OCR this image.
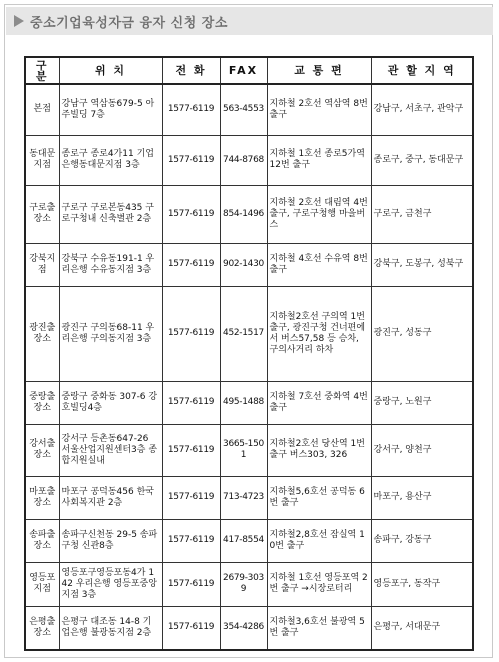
중소기업육성자금 융자 신청 장소
구 분	위 치	전 화	FAX	교 통 편	관 할 지 역
본점	강남구 역삼동679-5 아주빌딩 7층	1577-6119	563-4553	지하철 2호선 역삼역 8번 출구	강남구, 서초구, 관악구
동대문지점	종로구 종로4가11 기업은행동대문지점 3층	1577-6119	744-8768	지하철 1호선 종로5가역 12번 출구	종로구, 중구, 동대문구
구로출장소	구로구 구로본동435 구로구청내 신축별관 2층	1577-6119	854-1496	지하철 2호선 대림역 4번 출구, 구로구청행 마을버스	구로구, 금천구
강북지점	강북구 수유동191-1 우리은행 수유동지점 3층	1577-6119	902-1430	지하철 4호선 수유역 8번 출구	강북구, 도봉구, 성북구
광진출장소	광진구 구의동68-11 우리은행 구의동지점 3층	1577-6119	452-1517	지하철2호선 구의역 1번 출구, 광진구청 건너편에서 버스57,58 등 승차, 구의사거리 하차	광진구, 성동구
중랑출장소	중랑구 중화동 307-6 강호빌딩4층	1577-6119	495-1488	지하철 7호선 중화역 4번 출구	중랑구, 노원구
강서출장소	강서구 등촌동647-26 서울산업지원센터3층 종합지원실내	1577-6119	3665-1501	지하철2호선 당산역 1번 출구 버스303, 326	강서구, 양천구
마포출장소	마포구 공덕동456 한국사회복지관 2층	1577-6119	713-4723	지하철5,6호선 공덕동 6번 출구	마포구, 용산구
송파출장소	송파구신천동 29-5 송파구청 신관8층	1577-6119	417-8554	지하철2,8호선 잠실역 10번 출구	송파구, 강동구
영등포지점	영등포구영등포동4가 142 우리은행 영등포중앙지점 3층	1577-6119	2679-3039	지하철 1호선 영등포역 2번 출구 →시장로터리	영등포구, 동작구
은평출장소	은평구 대조동 14-8 기업은행 불광동지점 2층	1577-6119	354-4286	지하철3,6호선 불광역 5번 출구	은평구, 서대문구
